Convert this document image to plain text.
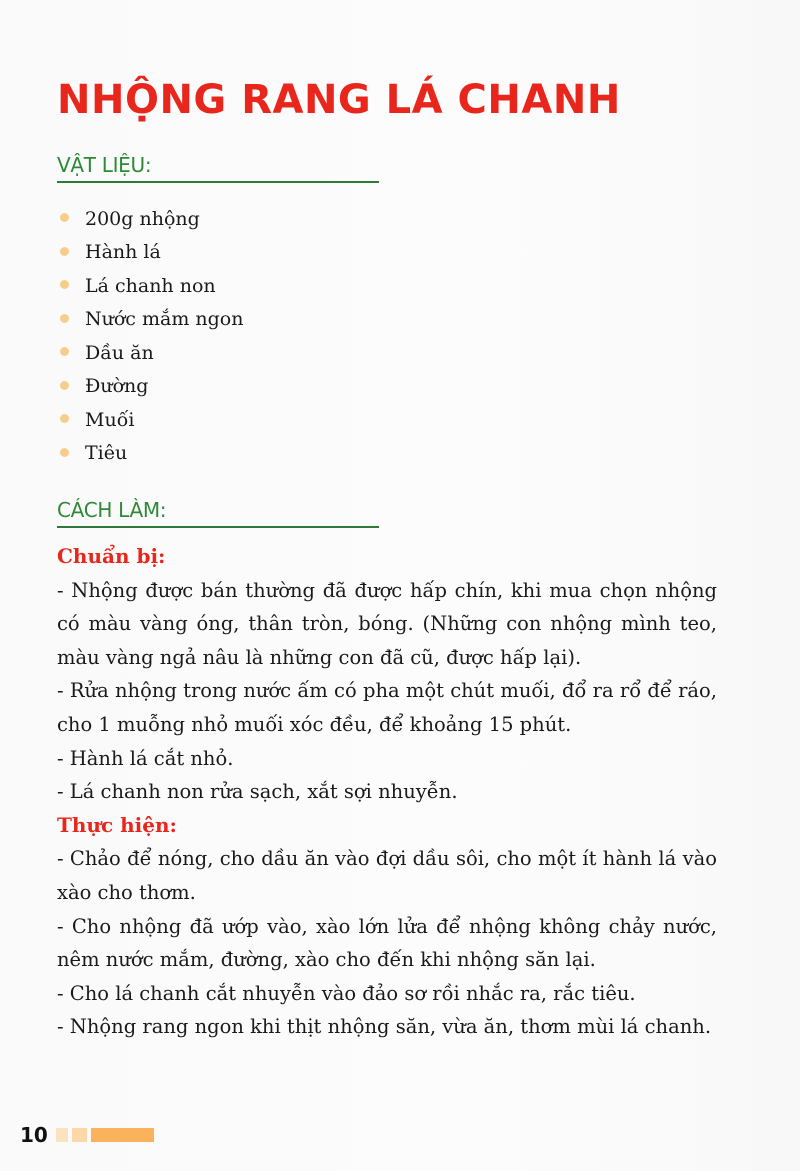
NHỘNG RANG LÁ CHANH
VẬT LIỆU:
200g nhộng
Hành lá
Lá chanh non
Nước mắm ngon
Dầu ăn
Đường
Muối
Tiêu
CÁCH LÀM:
Chuẩn bị:
- Nhộng được bán thường đã được hấp chín, khi mua chọn nhộng có màu vàng óng, thân tròn, bóng. (Những con nhộng mình teo, màu vàng ngả nâu là những con đã cũ, được hấp lại).
- Rửa nhộng trong nước ấm có pha một chút muối, đổ ra rổ để ráo, cho 1 muỗng nhỏ muối xóc đều, để khoảng 15 phút.
- Hành lá cắt nhỏ.
- Lá chanh non rửa sạch, xắt sợi nhuyễn.
Thực hiện:
- Chảo để nóng, cho dầu ăn vào đợi dầu sôi, cho một ít hành lá vào xào cho thơm.
- Cho nhộng đã ướp vào, xào lớn lửa để nhộng không chảy nước, nêm nước mắm, đường, xào cho đến khi nhộng săn lại.
- Cho lá chanh cắt nhuyễn vào đảo sơ rồi nhắc ra, rắc tiêu.
- Nhộng rang ngon khi thịt nhộng săn, vừa ăn, thơm mùi lá chanh.
10
